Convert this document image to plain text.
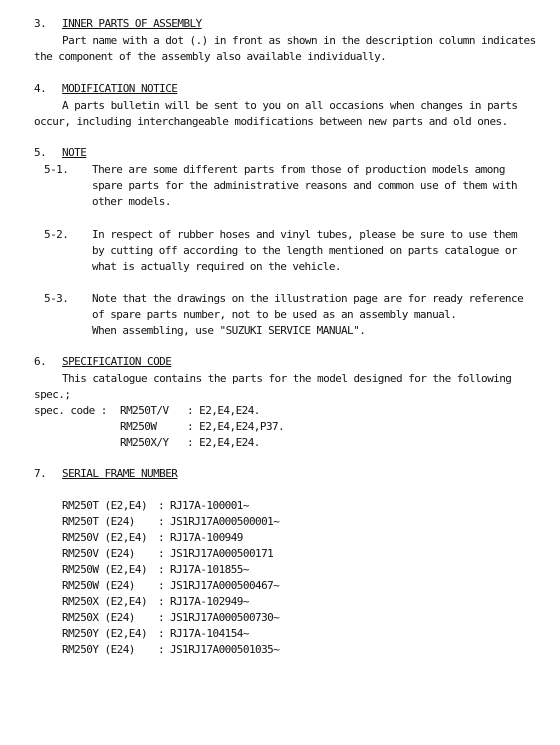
3. INNER PARTS OF ASSEMBLY
Part name with a dot (.) in front as shown in the description column indicates
the component of the assembly also available individually.
4. MODIFICATION NOTICE
A parts bulletin will be sent to you on all occasions when changes in parts
occur, including interchangeable modifications between new parts and old ones.
5. NOTE
5-1. There are some different parts from those of production models among
spare parts for the administrative reasons and common use of them with
other models.
5-2. In respect of rubber hoses and vinyl tubes, please be sure to use them
by cutting off according to the length mentioned on parts catalogue or
what is actually required on the vehicle.
5-3. Note that the drawings on the illustration page are for ready reference
of spare parts number, not to be used as an assembly manual.
When assembling, use "SUZUKI SERVICE MANUAL".
6. SPECIFICATION CODE
This catalogue contains the parts for the model designed for the following
spec.;
spec. code : RM250T/V : E2,E4,E24.
RM250W	: E2,E4,E24,P37.
RM250X/Y : E2,E4,E24.
7. SERIAL FRAME NUMBER
RM250T (E2,E4) : RJ17A-100001~
RM250T (E24) : JS1RJ17A000500001~
RM250V (E2,E4) : RJ17A-100949
RM250V (E24) : JS1RJ17A000500171
RM250W (E2,E4) : RJ17A-101855~
RM250W (E24) : JS1RJ17A000500467~
RM250X (E2,E4) : RJ17A-102949~
RM250X (E24) : JS1RJ17A000500730~
RM250Y (E2,E4) : RJ17A-104154~
RM250Y (E24) : JS1RJ17A000501035~
